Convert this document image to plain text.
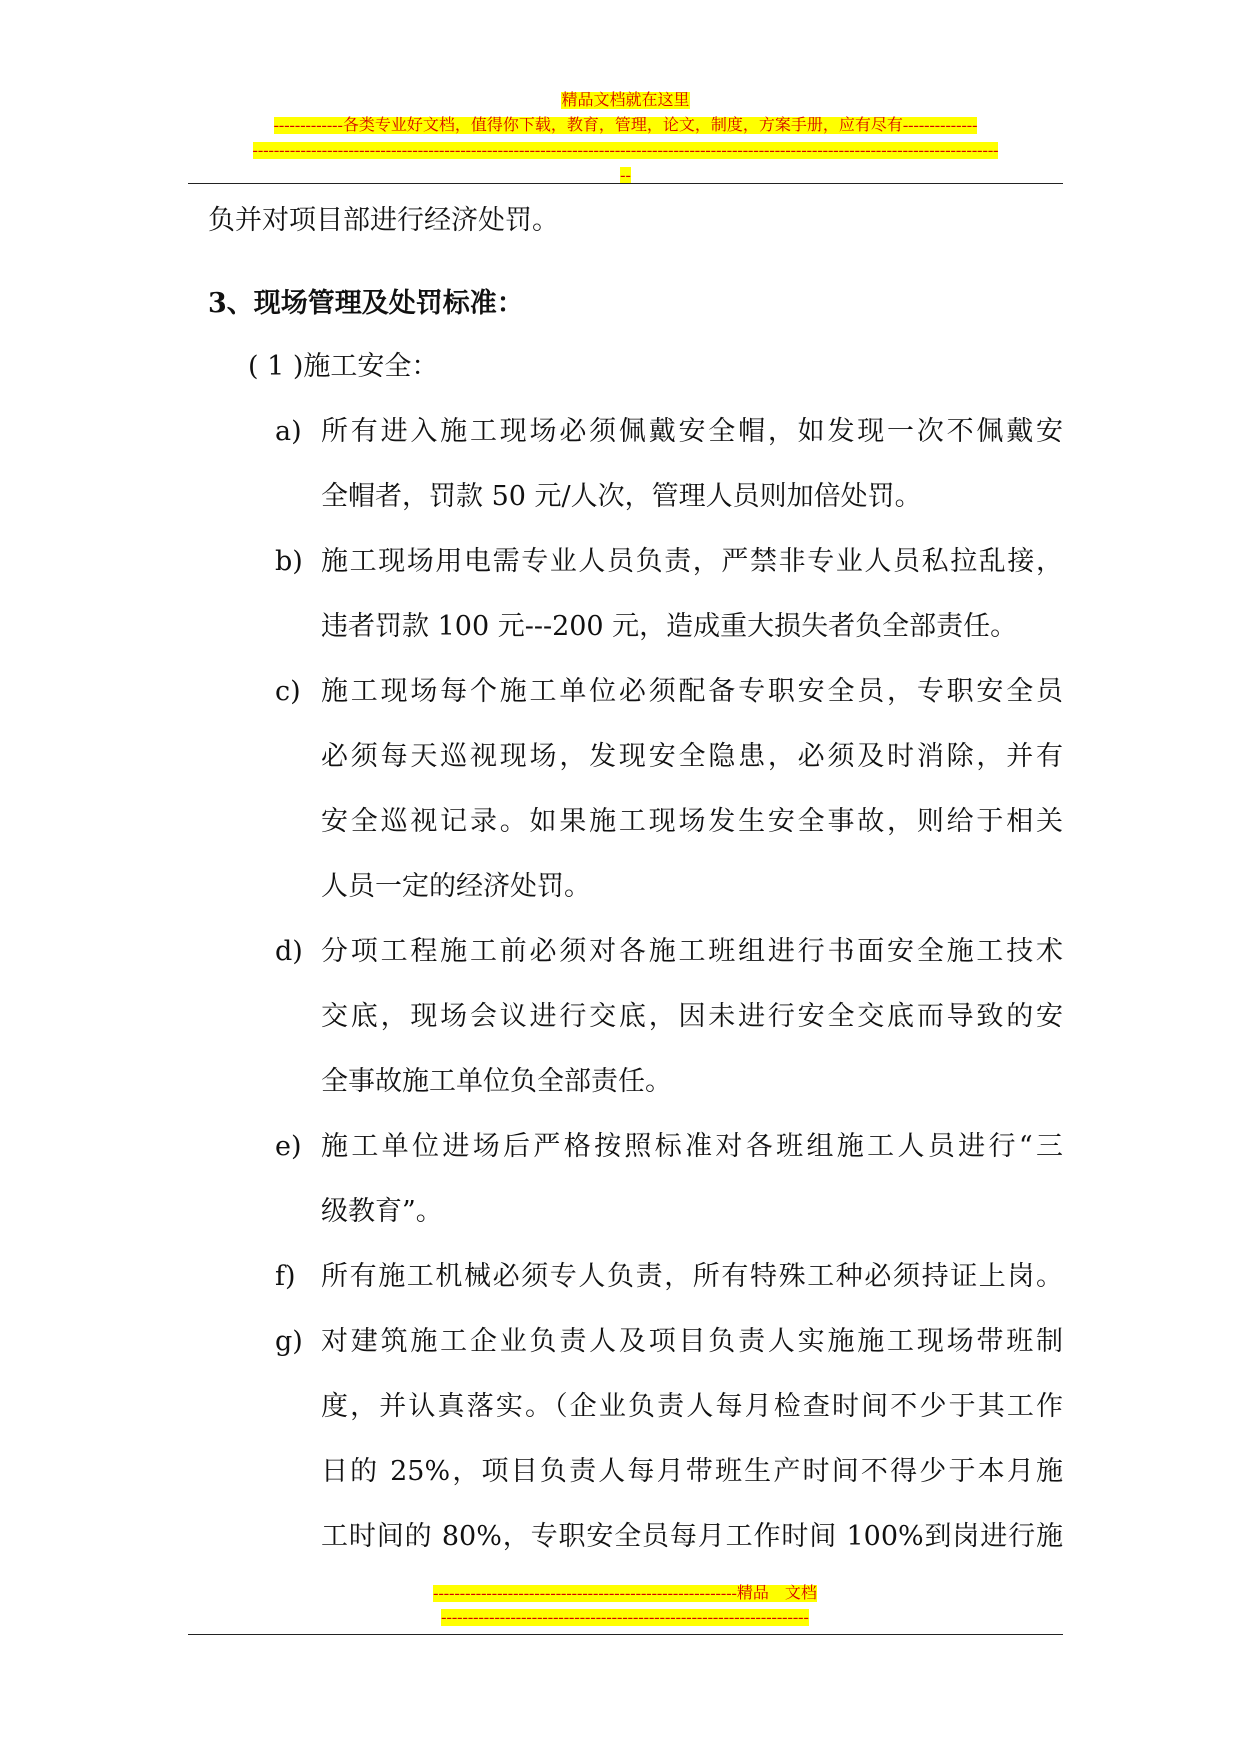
精品文档就在这里
-------------各类专业好文档，值得你下载，教育，管理，论文，制度，方案手册，应有尽有--------------
--------------------------------------------------------------------------------------------------------------------------------------------
--
负并对项目部进行经济处罚。
3、现场管理及处罚标准：
( 1 )施工安全：
a) 所有进入施工现场必须佩戴安全帽，如发现一次不佩戴安
全帽者，罚款 50 元/人次，管理人员则加倍处罚。
b) 施工现场用电需专业人员负责，严禁非专业人员私拉乱接，
违者罚款 100 元---200 元，造成重大损失者负全部责任。
c) 施工现场每个施工单位必须配备专职安全员，专职安全员
必须每天巡视现场，发现安全隐患，必须及时消除，并有
安全巡视记录。如果施工现场发生安全事故，则给于相关
人员一定的经济处罚。
d) 分项工程施工前必须对各施工班组进行书面安全施工技术
交底，现场会议进行交底，因未进行安全交底而导致的安
全事故施工单位负全部责任。
e) 施工单位进场后严格按照标准对各班组施工人员进行“三
级教育”。
f) 所有施工机械必须专人负责，所有特殊工种必须持证上岗。
g) 对建筑施工企业负责人及项目负责人实施施工现场带班制
度，并认真落实。（企业负责人每月检查时间不少于其工作
日的 25%，项目负责人每月带班生产时间不得少于本月施
工时间的 80%，专职安全员每月工作时间 100%到岗进行施
---------------------------------------------------------精品　文档
---------------------------------------------------------------------
